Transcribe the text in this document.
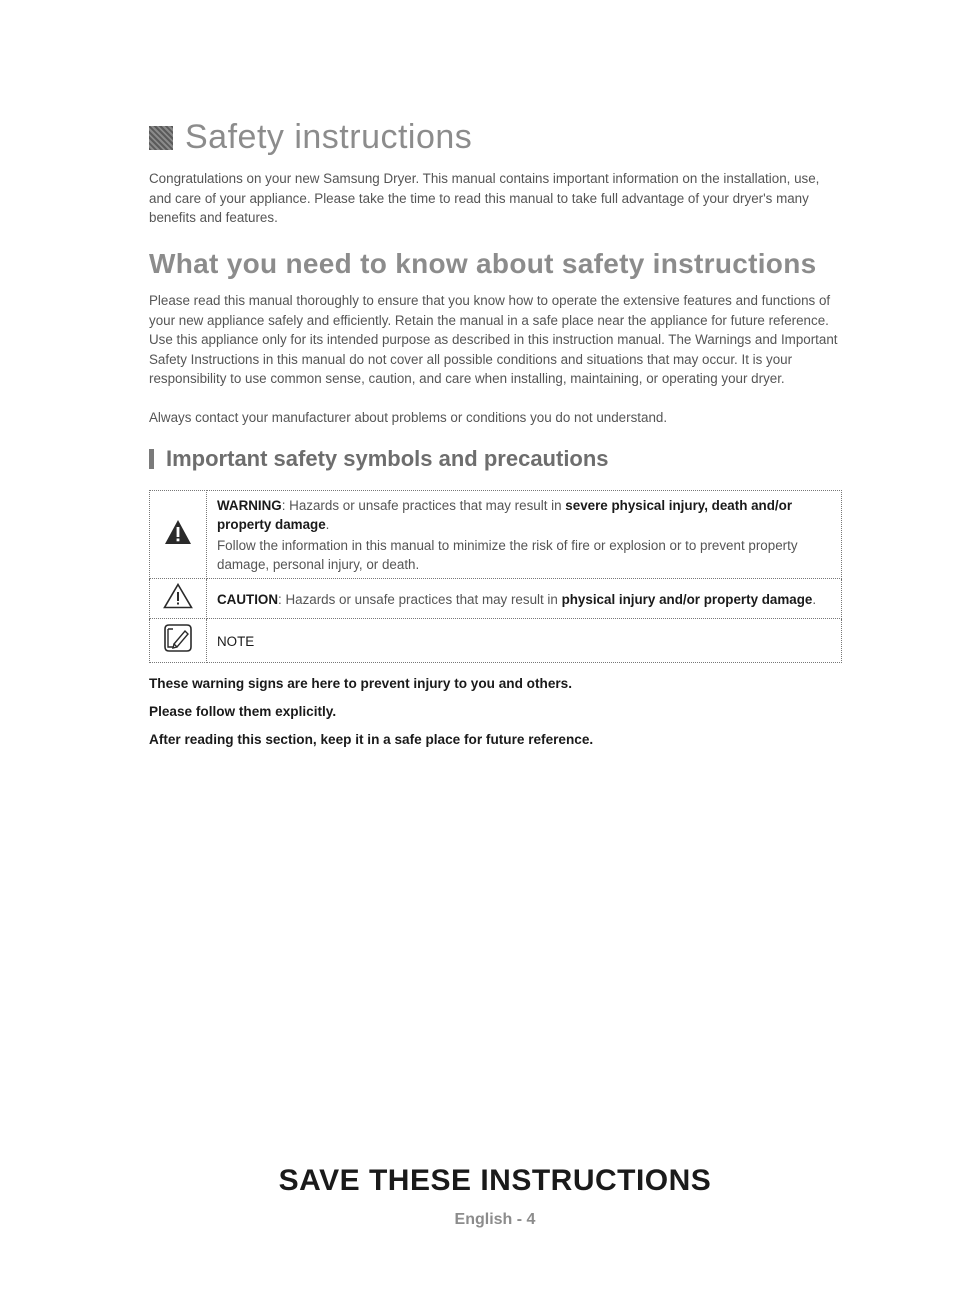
Safety instructions

Congratulations on your new Samsung Dryer. This manual contains important information on the installation, use, and care of your appliance. Please take the time to read this manual to take full advantage of your dryer's many benefits and features.

What you need to know about safety instructions

Please read this manual thoroughly to ensure that you know how to operate the extensive features and functions of your new appliance safely and efficiently. Retain the manual in a safe place near the appliance for future reference. Use this appliance only for its intended purpose as described in this instruction manual. The Warnings and Important Safety Instructions in this manual do not cover all possible conditions and situations that may occur. It is your responsibility to use common sense, caution, and care when installing, maintaining, or operating your dryer.

Always contact your manufacturer about problems or conditions you do not understand.

Important safety symbols and precautions
	WARNING: Hazards or unsafe practices that may result in severe physical injury, death and/or property damage.
Follow the information in this manual to minimize the risk of fire or explosion or to prevent property damage, personal injury, or death.

	CAUTION: Hazards or unsafe practices that may result in physical injury and/or property damage.
	NOTE

These warning signs are here to prevent injury to you and others.

Please follow them explicitly.

After reading this section, keep it in a safe place for future reference.

SAVE THESE INSTRUCTIONS
English - 4
